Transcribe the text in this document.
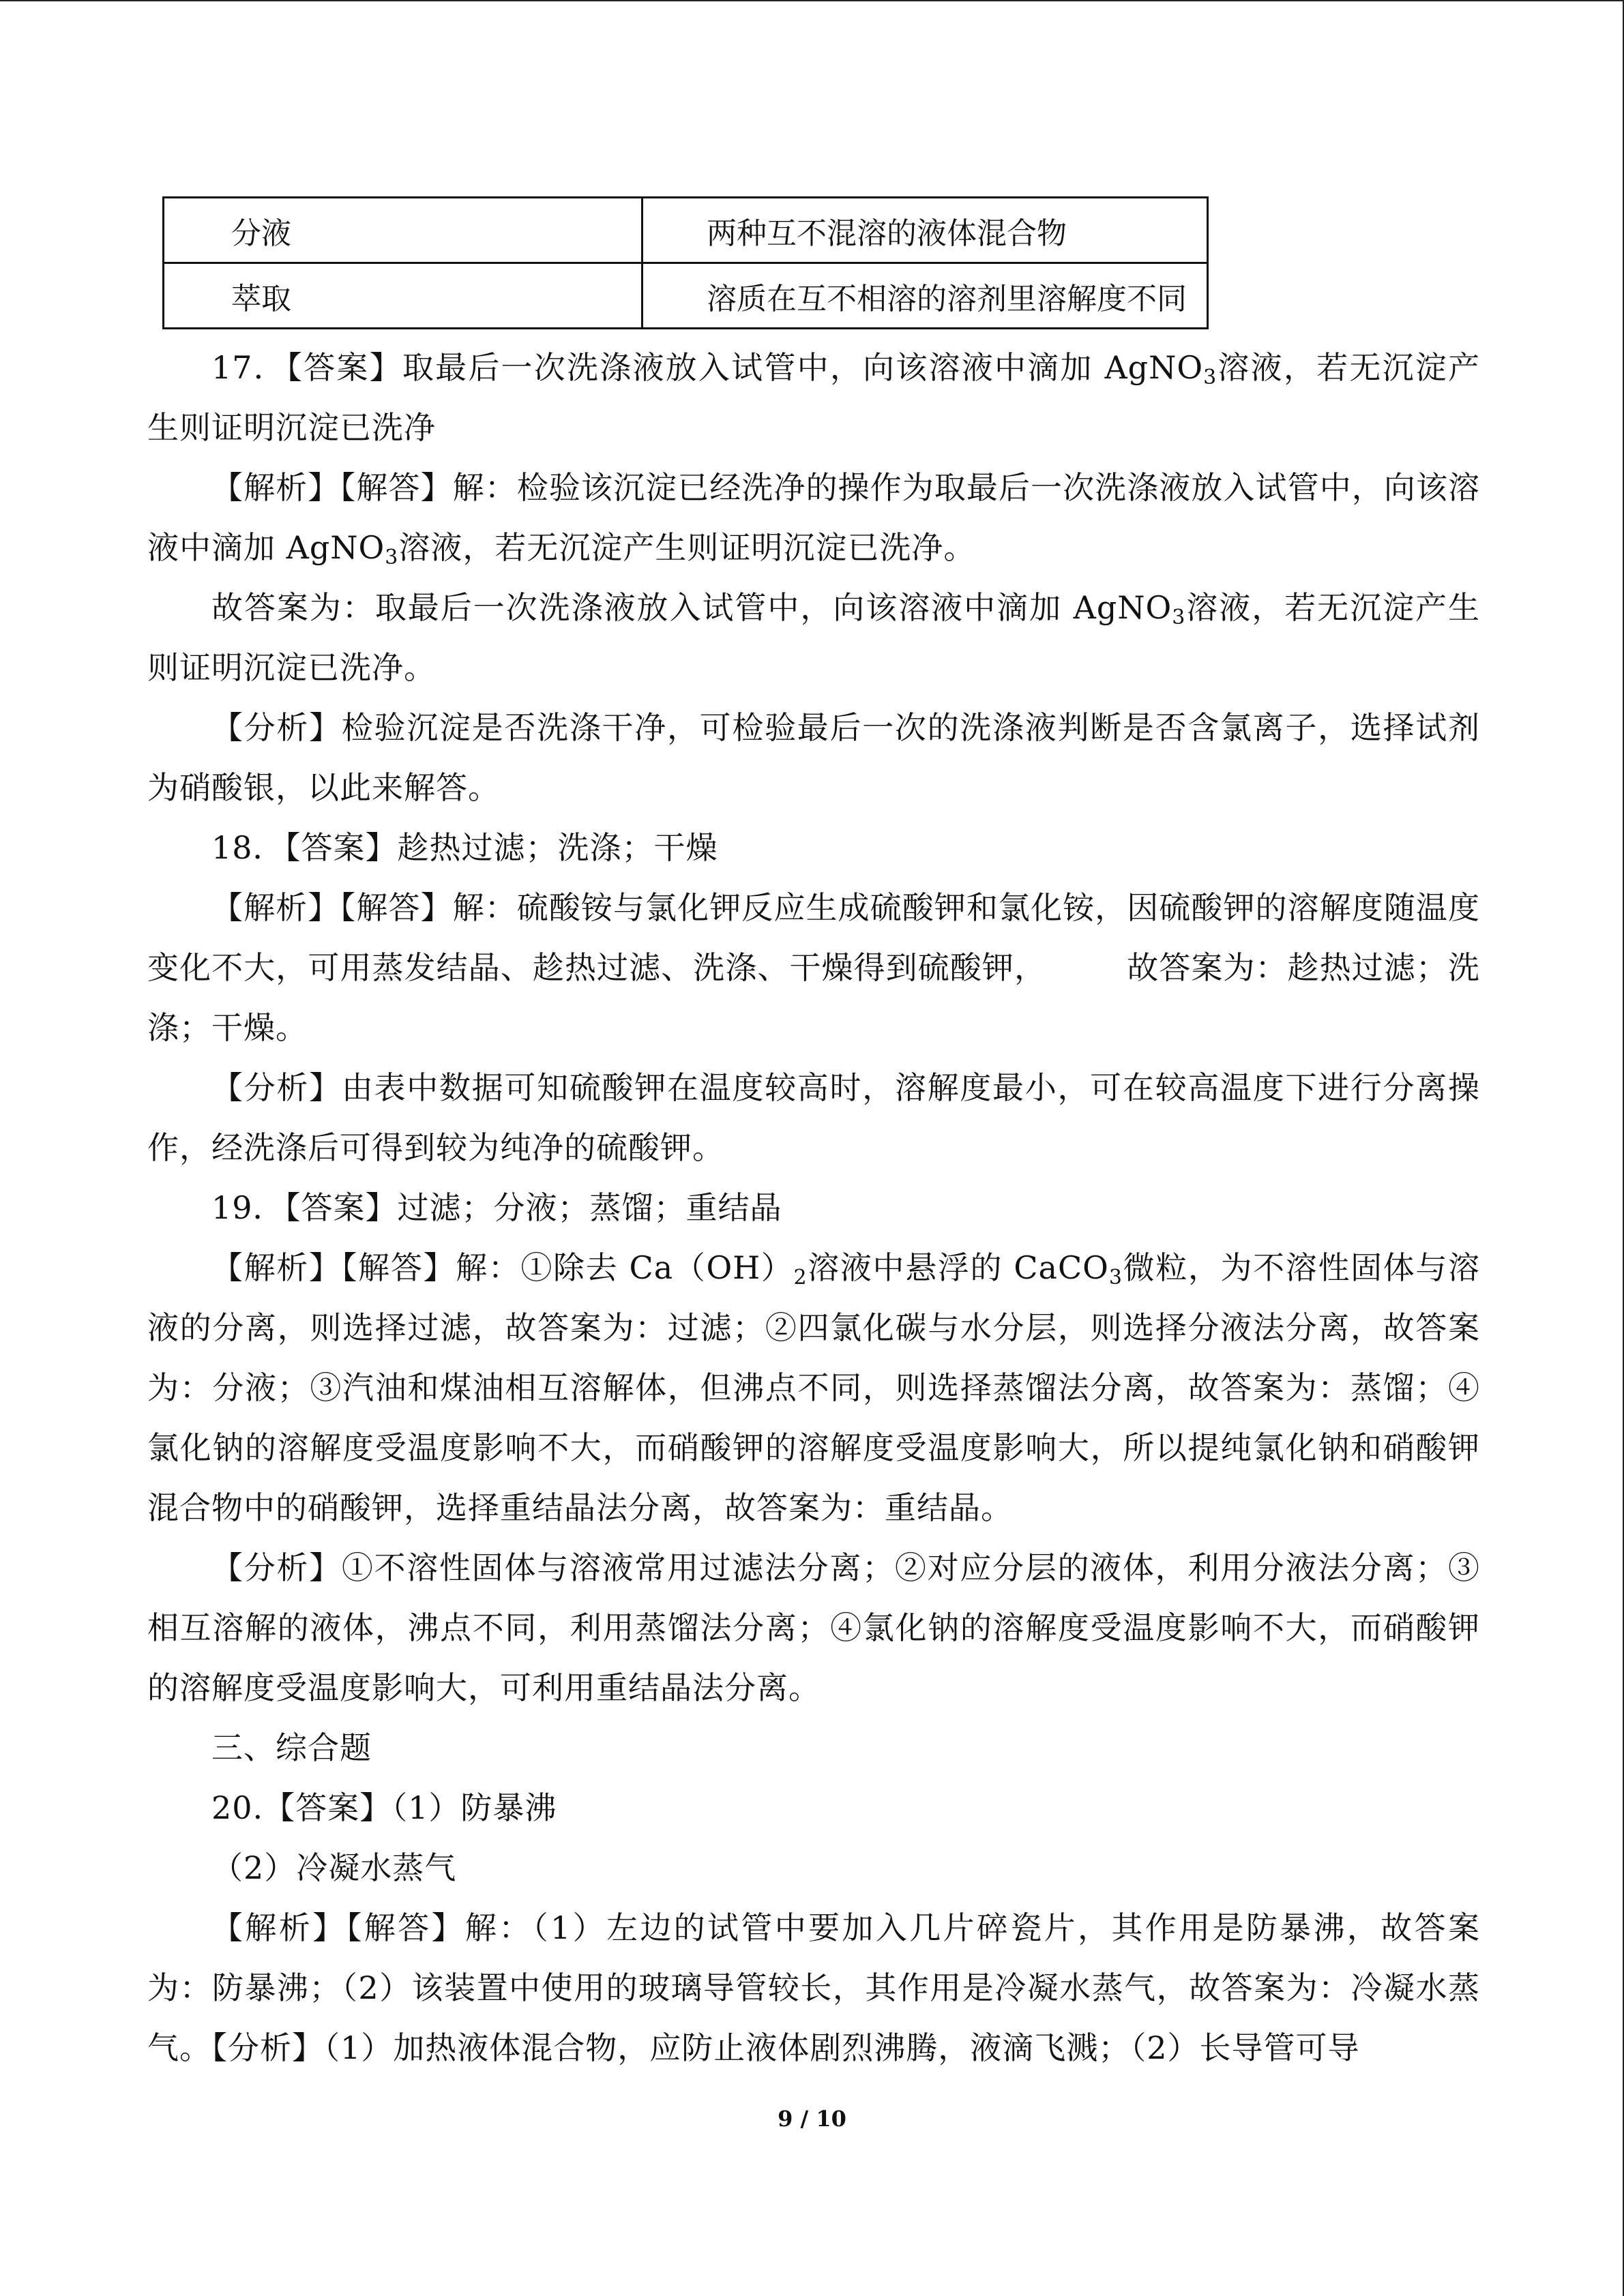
分液	两种互不混溶的液体混合物
萃取	溶质在互不相溶的溶剂里溶解度不同

17．【答案】取最后一次洗涤液放入试管中，向该溶液中滴加 AgNO$_3$溶液，若无沉淀产生则证明沉淀已洗净

【解析】【解答】解：检验该沉淀已经洗净的操作为取最后一次洗涤液放入试管中，向该溶液中滴加 AgNO$_3$溶液，若无沉淀产生则证明沉淀已洗净。

故答案为：取最后一次洗涤液放入试管中，向该溶液中滴加 AgNO$_3$溶液，若无沉淀产生则证明沉淀已洗净。

【分析】检验沉淀是否洗涤干净，可检验最后一次的洗涤液判断是否含氯离子，选择试剂为硝酸银，以此来解答。

18．【答案】趁热过滤；洗涤；干燥

【解析】【解答】解：硫酸铵与氯化钾反应生成硫酸钾和氯化铵，因硫酸钾的溶解度随温度变化不大，可用蒸发结晶、趁热过滤、洗涤、干燥得到硫酸钾，　　　故答案为：趁热过滤；洗涤；干燥。

【分析】由表中数据可知硫酸钾在温度较高时，溶解度最小，可在较高温度下进行分离操作，经洗涤后可得到较为纯净的硫酸钾。

19．【答案】过滤；分液；蒸馏；重结晶

【解析】【解答】解：①除去 $Ca(OH)_2$溶液中悬浮的 CaCO$_3$微粒，为不溶性固体与溶液的分离，则选择过滤，故答案为：过滤；②四氯化碳与水分层，则选择分液法分离，故答案为：分液；③汽油和煤油相互溶解体，但沸点不同，则选择蒸馏法分离，故答案为：蒸馏；④氯化钠的溶解度受温度影响不大，而硝酸钾的溶解度受温度影响大，所以提纯氯化钠和硝酸钾混合物中的硝酸钾，选择重结晶法分离，故答案为：重结晶。

【分析】①不溶性固体与溶液常用过滤法分离；②对应分层的液体，利用分液法分离；③相互溶解的液体，沸点不同，利用蒸馏法分离；④氯化钠的溶解度受温度影响不大，而硝酸钾的溶解度受温度影响大，可利用重结晶法分离。

三、综合题

20.【答案】（1）防暴沸

（2）冷凝水蒸气

【解析】【解答】解：（1）左边的试管中要加入几片碎瓷片，其作用是防暴沸，故答案为：防暴沸；（2）该装置中使用的玻璃导管较长，其作用是冷凝水蒸气，故答案为：冷凝水蒸气。【分析】（1）加热液体混合物，应防止液体剧烈沸腾，液滴飞溅；（2）长导管可导

9 / 10
